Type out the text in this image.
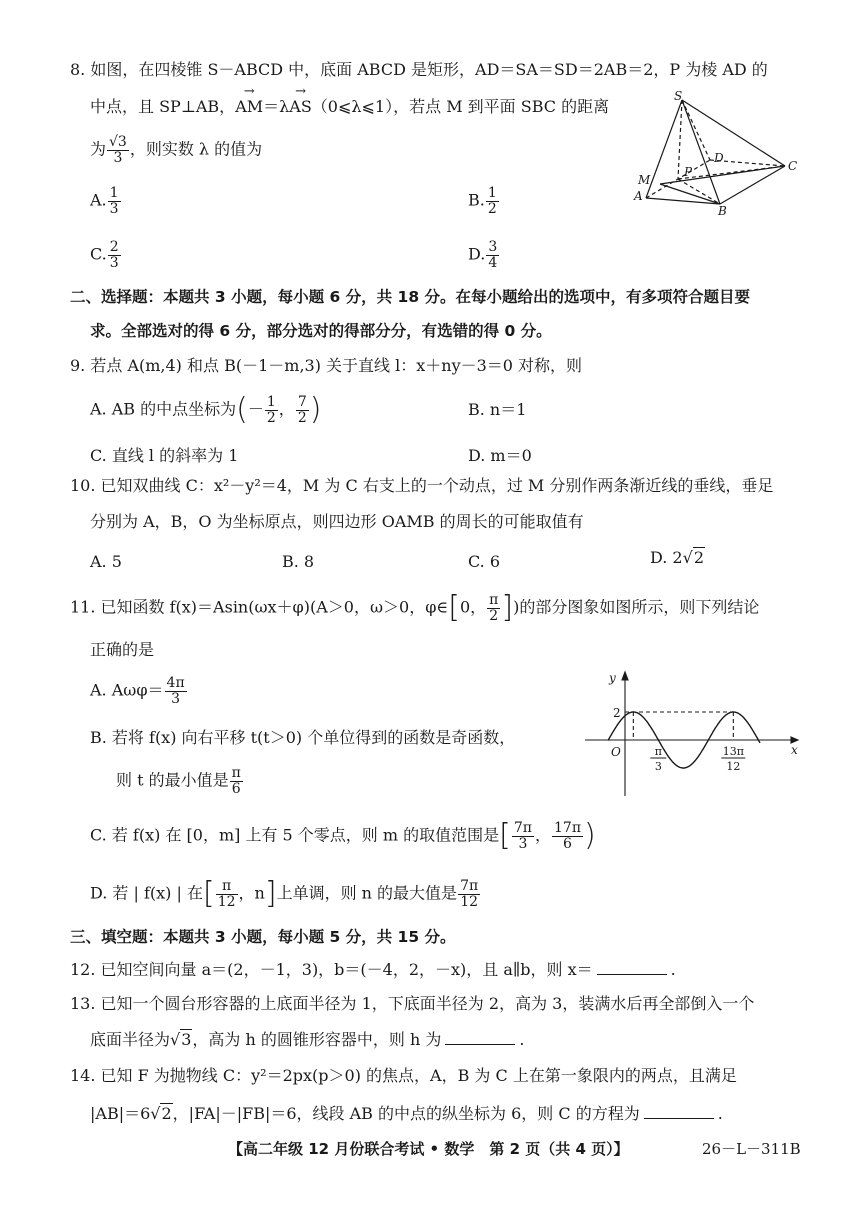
8. 如图，在四棱锥 S－ABCD 中，底面 ABCD 是矩形，AD＝SA＝SD＝2AB＝2，P 为棱 AD 的
中点，且 SP⊥AB，→ AM＝λ→ AS（0⩽λ⩽1），若点 M 到平面 SBC 的距离
为 $\frac{√3}{3}$ ，则实数 λ 的值为
A. $\frac{1}{3}$	B. $\frac{1}{2}$
C. $\frac{2}{3}$	D. $\frac{3}{4}$
S
D
C
M
P
A
B
二、选择题：本题共 3 小题，每小题 6 分，共 18 分。在每小题给出的选项中，有多项符合题目要
求。全部选对的得 6 分，部分选对的得部分分，有选错的得 0 分。
9. 若点 A(m,4) 和点 B(－1－m,3) 关于直线 l：x＋ny－3＝0 对称，则
A. AB 的中点坐标为(－ $\frac{1}{2}$ ， $\frac{7}{2}$ )	B. n＝1
C. 直线 l 的斜率为 1	D. m＝0
10. 已知双曲线 C：x²－y²＝4，M 为 C 右支上的一个动点，过 M 分别作两条渐近线的垂线，垂足
分别为 A，B，O 为坐标原点，则四边形 OAMB 的周长的可能取值有
A. 5	B. 8	C. 6	D. 2√2
11. 已知函数 f(x)＝Asin(ωx＋φ)(A＞0，ω＞0，φ∈[0， $\frac{\pi}{2}$ ])的部分图象如图所示，则下列结论
正确的是
A. $A\omega\varphi= \frac{4\pi}{3}$
B. 若将 f(x) 向右平移 t(t＞0) 个单位得到的函数是奇函数，
则 t 的最小值是 $\frac{\pi}{6}$
C. 若 f(x) 在 [0，m] 上有 5 个零点，则 m 的取值范围是[ $\frac{7\pi}{3}$ ， $\frac{17\pi}{6}$ )
D. 若 | f(x) | 在[ $\frac{\pi}{12}$ ，n]上单调，则 n 的最大值是 $\frac{7\pi}{12}$
y
x
O
2
π
3
13π
12
三、填空题：本题共 3 小题，每小题 5 分，共 15 分。
12. 已知空间向量 a＝(2，－1，3)，b＝(－4，2，－x)，且 a∥b，则 x＝	.
13. 已知一个圆台形容器的上底面半径为 1，下底面半径为 2，高为 3，装满水后再全部倒入一个
底面半径为√3，高为 h 的圆锥形容器中，则 h 为	.
14. 已知 F 为抛物线 C：y²＝2px(p＞0) 的焦点，A，B 为 C 上在第一象限内的两点，且满足
|AB|＝6√2，|FA|－|FB|＝6，线段 AB 的中点的纵坐标为 6，则 C 的方程为	.
【高二年级 12 月份联合考试 • 数学　第 2 页（共 4 页）】	26－L－311B
